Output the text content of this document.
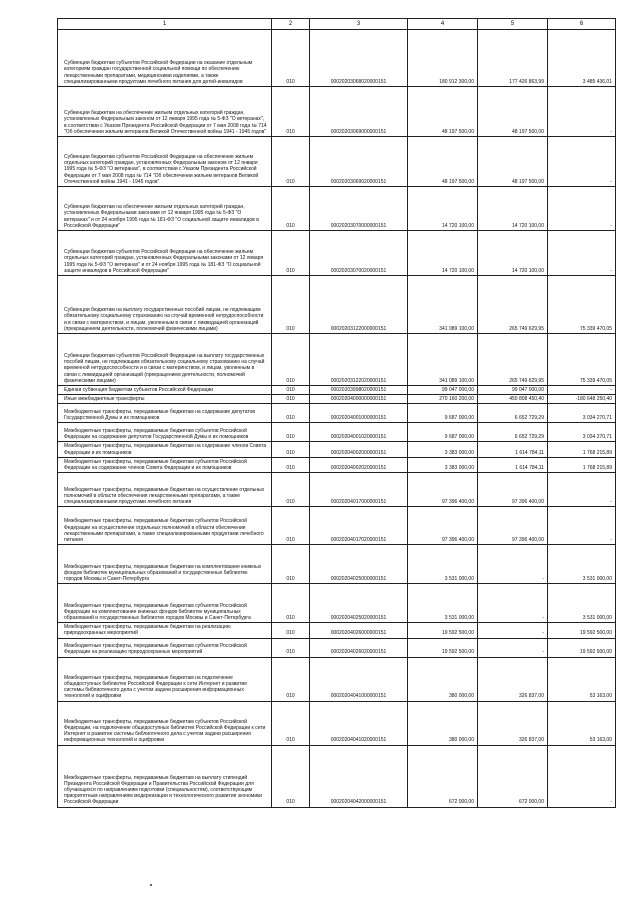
1	2	3	4	5	6
Субвенции бюджетам субъектов Российской Федерации на оказание отдельным категориям граждан государственной социальной помощи по обеспечению лекарственными препаратами, медицинскими изделиями, а также специализированными продуктами лечебного питания для детей-инвалидов	010	00020203068020000151	180 912 300,00	177 426 863,99	3 485 436,01
Субвенции бюджетам на обеспечение жильем отдельных категорий граждан, установленных Федеральным законом от 12 января 1995 года № 5-ФЗ "О ветеранах", в соответствии с Указом Президента Российской Федерации от 7 мая 2008 года № 714 "Об обеспечении жильем ветеранов Великой Отечественной войны 1941 - 1945 годов"	010	00020203069000000151	48 197 500,00	48 197 500,00	-
Субвенции бюджетам субъектов Российской Федерации на обеспечение жильем отдельных категорий граждан, установленных Федеральным законом от 12 января 1995 года № 5-ФЗ "О ветеранах", в соответствии с Указом Президента Российской Федерации от 7 мая 2008 года № 714 "Об обеспечении жильем ветеранов Великой Отечественной войны 1941 - 1945 годов"	010	00020203069020000151	48 197 500,00	48 197 500,00	-
Субвенции бюджетам на обеспечение жильем отдельных категорий граждан, установленных Федеральными законами от 12 января 1995 года № 5-ФЗ "О ветеранах" и от 24 ноября 1995 года № 181-ФЗ "О социальной защите инвалидов в Российской Федерации"	010	00020203070000000151	14 720 100,00	14 720 100,00	-
Субвенции бюджетам субъектов Российской Федерации на обеспечение жильем отдельных категорий граждан, установленных Федеральными законами от 12 января 1995 года № 5-ФЗ "О ветеранах" и от 24 ноября 1995 года № 181-ФЗ "О социальной защите инвалидов в Российской Федерации"	010	00020203070020000151	14 720 100,00	14 720 100,00	-
Субвенции бюджетам на выплату государственных пособий лицам, не подлежащим обязательному социальному страхованию на случай временной нетрудоспособности и в связи с материнством, и лицам, уволенным в связи с ликвидацией организаций (прекращением деятельности, полномочий физическими лицами)	010	00020203122000000151	341 089 100,00	265 749 629,95	75 339 470,05
Субвенции бюджетам субъектов Российской Федерации на выплату государственных пособий лицам, не подлежащим обязательному социальному страхованию на случай временной нетрудоспособности и в связи с материнством, и лицам, уволенным в связи с ликвидацией организаций (прекращением деятельности, полномочий физическими лицами)	010	00020203122020000151	341 089 100,00	265 749 629,95	75 339 470,05
Единая субвенция бюджетам субъектов Российской Федерации	010	00020203998020000151	99 047 000,00	99 047 000,00	-
Иные межбюджетные трансферты	010	00020204000000000151	270 160 200,00	450 808 450,40	-180 648 250,40
Межбюджетные трансферты, передаваемые бюджетам на содержание депутатов Государственной Думы и их помощников	010	00020204001000000151	9 687 000,00	6 652 729,29	3 034 270,71
Межбюджетные трансферты, передаваемые бюджетам субъектов Российской Федерации на содержание депутатов Государственной Думы и их помощников	010	00020204001020000151	9 687 000,00	6 652 729,29	3 034 270,71
Межбюджетные трансферты, передаваемые бюджетам на содержание членов Совета Федерации и их помощников	010	00020204002000000151	3 383 000,00	1 614 784,11	1 768 215,89
Межбюджетные трансферты, передаваемые бюджетам субъектов Российской Федерации на содержание членов Совета Федерации и их помощников	010	00020204002020000151	3 383 000,00	1 614 784,11	1 768 215,89
Межбюджетные трансферты, передаваемые бюджетам на осуществление отдельных полномочий в области обеспечения лекарственными препаратами, а также специализированными продуктами лечебного питания	010	00020204017000000151	97 396 400,00	97 396 400,00	-
Межбюджетные трансферты, передаваемые бюджетам субъектов Российской Федерации на осуществление отдельных полномочий в области обеспечения лекарственными препаратами, а также специализированными продуктами лечебного питания	010	00020204017020000151	97 396 400,00	97 396 400,00	-
Межбюджетные трансферты, передаваемые бюджетам на комплектование книжных фондов библиотек муниципальных образований и государственных библиотек городов Москвы и Санкт-Петербурга	010	00020204025000000151	3 531 000,00	-	3 531 000,00
Межбюджетные трансферты, передаваемые бюджетам субъектов Российской Федерации на комплектование книжных фондов библиотек муниципальных образований и государственных библиотек городов Москвы и Санкт-Петербурга	010	00020204025020000151	3 531 000,00	-	3 531 000,00
Межбюджетные трансферты, передаваемые бюджетам на реализацию природоохранных мероприятий	010	00020204026000000151	19 592 500,00	-	19 592 500,00
Межбюджетные трансферты, передаваемые бюджетам субъектов Российской Федерации на реализацию природоохранных мероприятий	010	00020204026020000151	19 592 500,00	-	19 592 500,00
Межбюджетные трансферты, передаваемые бюджетам на подключение общедоступных библиотек Российской Федерации к сети Интернет и развитие системы библиотечного дела с учетом задачи расширения информационных технологий и оцифровки	010	00020204041000000151	380 000,00	326 837,00	53 163,00
Межбюджетные трансферты, передаваемые бюджетам субъектов Российской Федерации, на подключение общедоступных библиотек Российской Федерации к сети Интернет и развитие системы библиотечного дела с учетом задачи расширения информационных технологий и оцифровки	010	00020204041020000151	380 000,00	326 837,00	53 163,00
Межбюджетные трансферты, передаваемые бюджетам на выплату стипендий Президента Российской Федерации и Правительства Российской Федерации для обучающихся по направлениям подготовки (специальностям), соответствующим приоритетным направлениям модернизации и технологического развития экономики Российской Федерации	010	00020204042000000151	672 000,00	672 000,00	-
